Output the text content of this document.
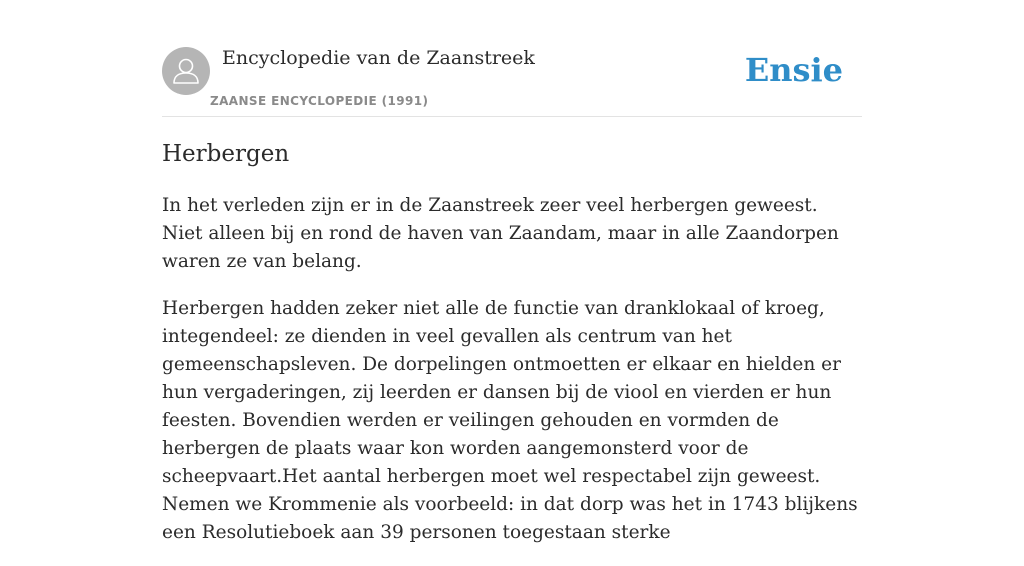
Encyclopedie van de Zaanstreek
ZAANSE ENCYCLOPEDIE (1991)
Ensie
Herbergen

In het verleden zijn er in de Zaanstreek zeer veel herbergen geweest. Niet alleen bij en rond de haven van Zaandam, maar in alle Zaandorpen waren ze van belang.

Herbergen hadden zeker niet alle de functie van dranklokaal of kroeg, integendeel: ze dienden in veel gevallen als centrum van het gemeenschapsleven. De dorpelingen ontmoetten er elkaar en hielden er hun vergaderingen, zij leerden er dansen bij de viool en vierden er hun feesten. Bovendien werden er veilingen gehouden en vormden de herbergen de plaats waar kon worden aangemonsterd voor de scheepvaart.Het aantal herbergen moet wel respectabel zijn geweest. Nemen we Krommenie als voorbeeld: in dat dorp was het in 1743 blijkens een Resolutieboek aan 39 personen toegestaan sterke
